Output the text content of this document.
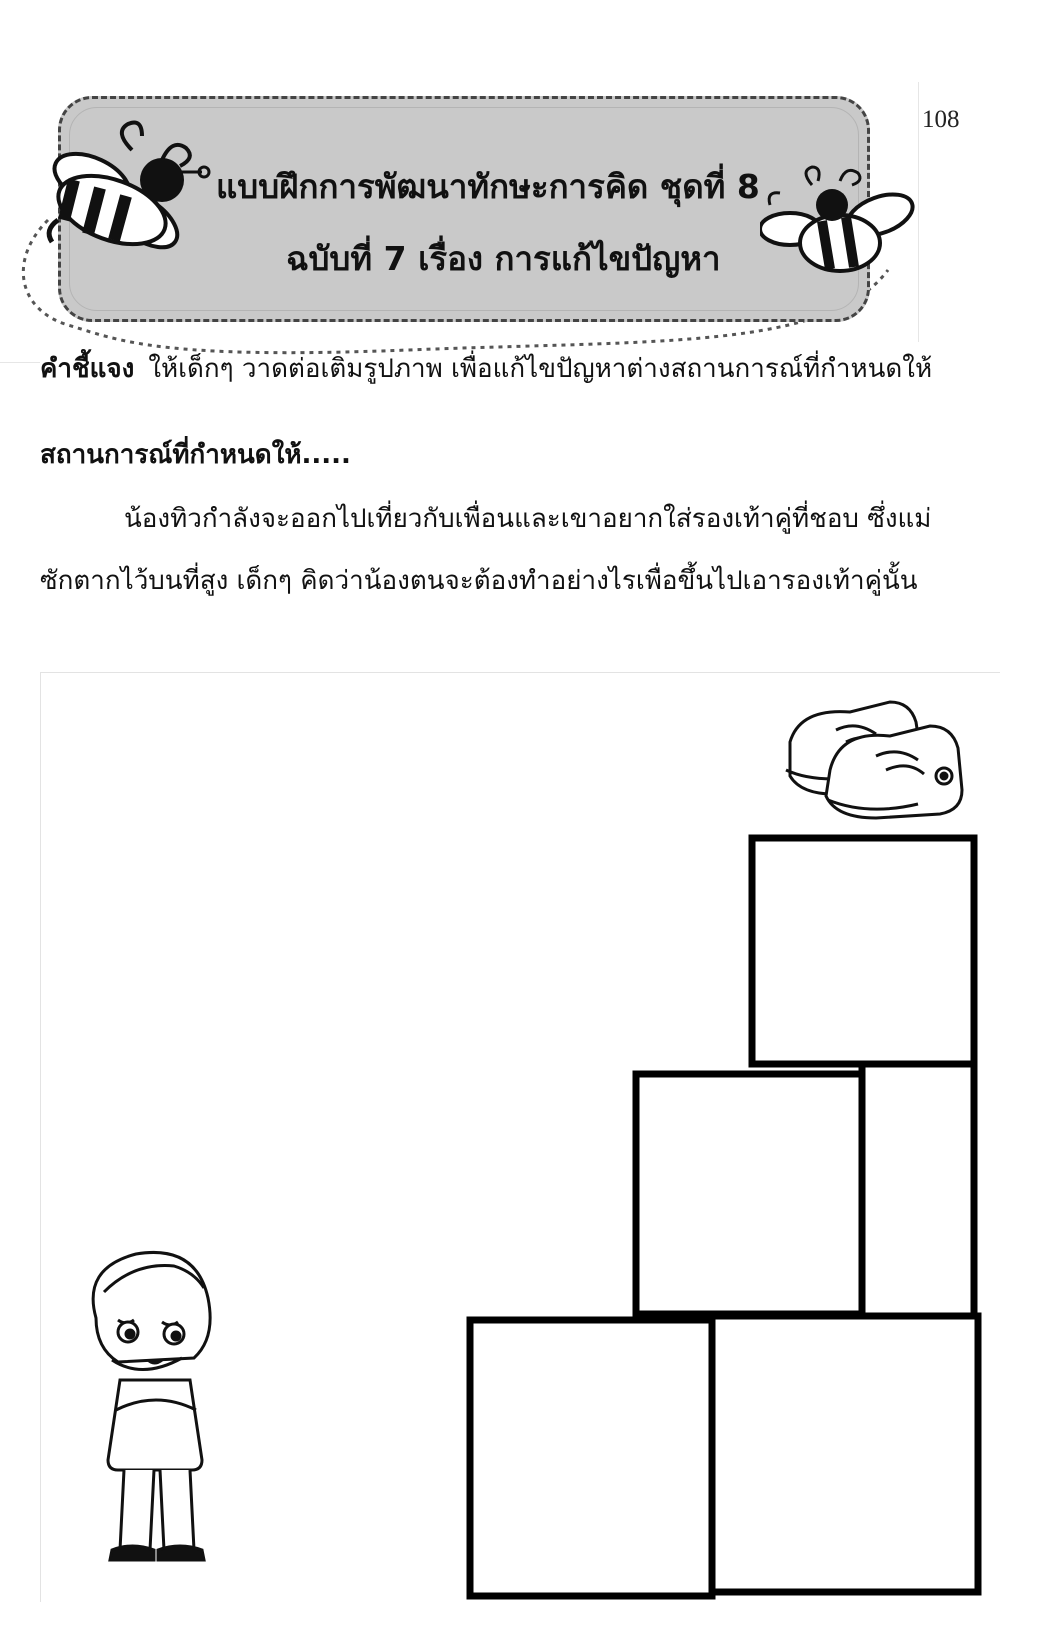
108
แบบฝึกการพัฒนาทักษะการคิด ชุดที่ 8
ฉบับที่ 7 เรื่อง การแก้ไขปัญหา
คำชี้แจง ให้เด็กๆ วาดต่อเติมรูปภาพ เพื่อแก้ไขปัญหาต่างสถานการณ์ที่กำหนดให้
สถานการณ์ที่กำหนดให้.....
น้องทิวกำลังจะออกไปเที่ยวกับเพื่อนและเขาอยากใส่รองเท้าคู่ที่ชอบ ซึ่งแม่
ซักตากไว้บนที่สูง เด็กๆ คิดว่าน้องตนจะต้องทำอย่างไรเพื่อขึ้นไปเอารองเท้าคู่นั้น
